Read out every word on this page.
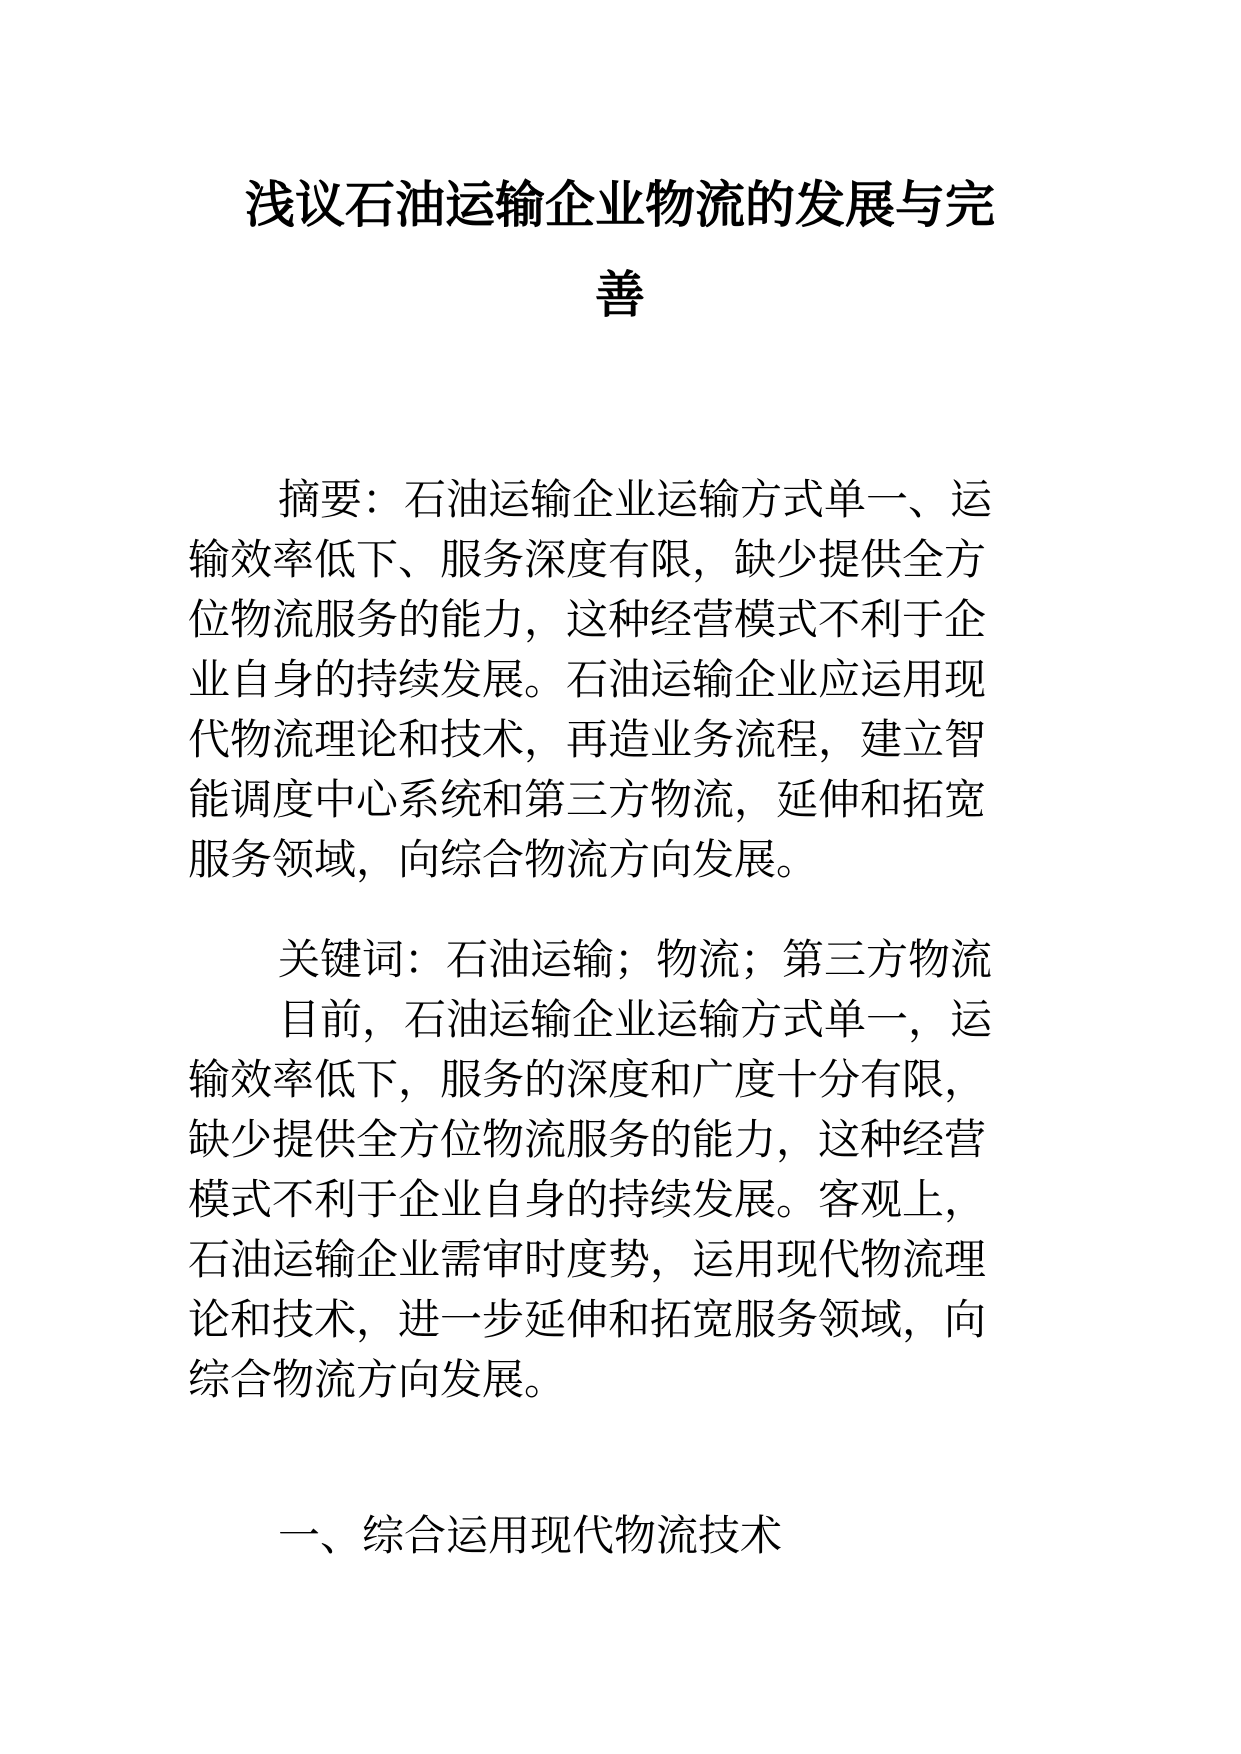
浅议石油运输企业物流的发展与完
善
摘要：石油运输企业运输方式单一、运
输效率低下、服务深度有限，缺少提供全方
位物流服务的能力，这种经营模式不利于企
业自身的持续发展。石油运输企业应运用现
代物流理论和技术，再造业务流程，建立智
能调度中心系统和第三方物流，延伸和拓宽
服务领域，向综合物流方向发展。
关键词：石油运输；物流；第三方物流
目前，石油运输企业运输方式单一，运
输效率低下，服务的深度和广度十分有限，
缺少提供全方位物流服务的能力，这种经营
模式不利于企业自身的持续发展。客观上，
石油运输企业需审时度势，运用现代物流理
论和技术，进一步延伸和拓宽服务领域，向
综合物流方向发展。
一、综合运用现代物流技术
